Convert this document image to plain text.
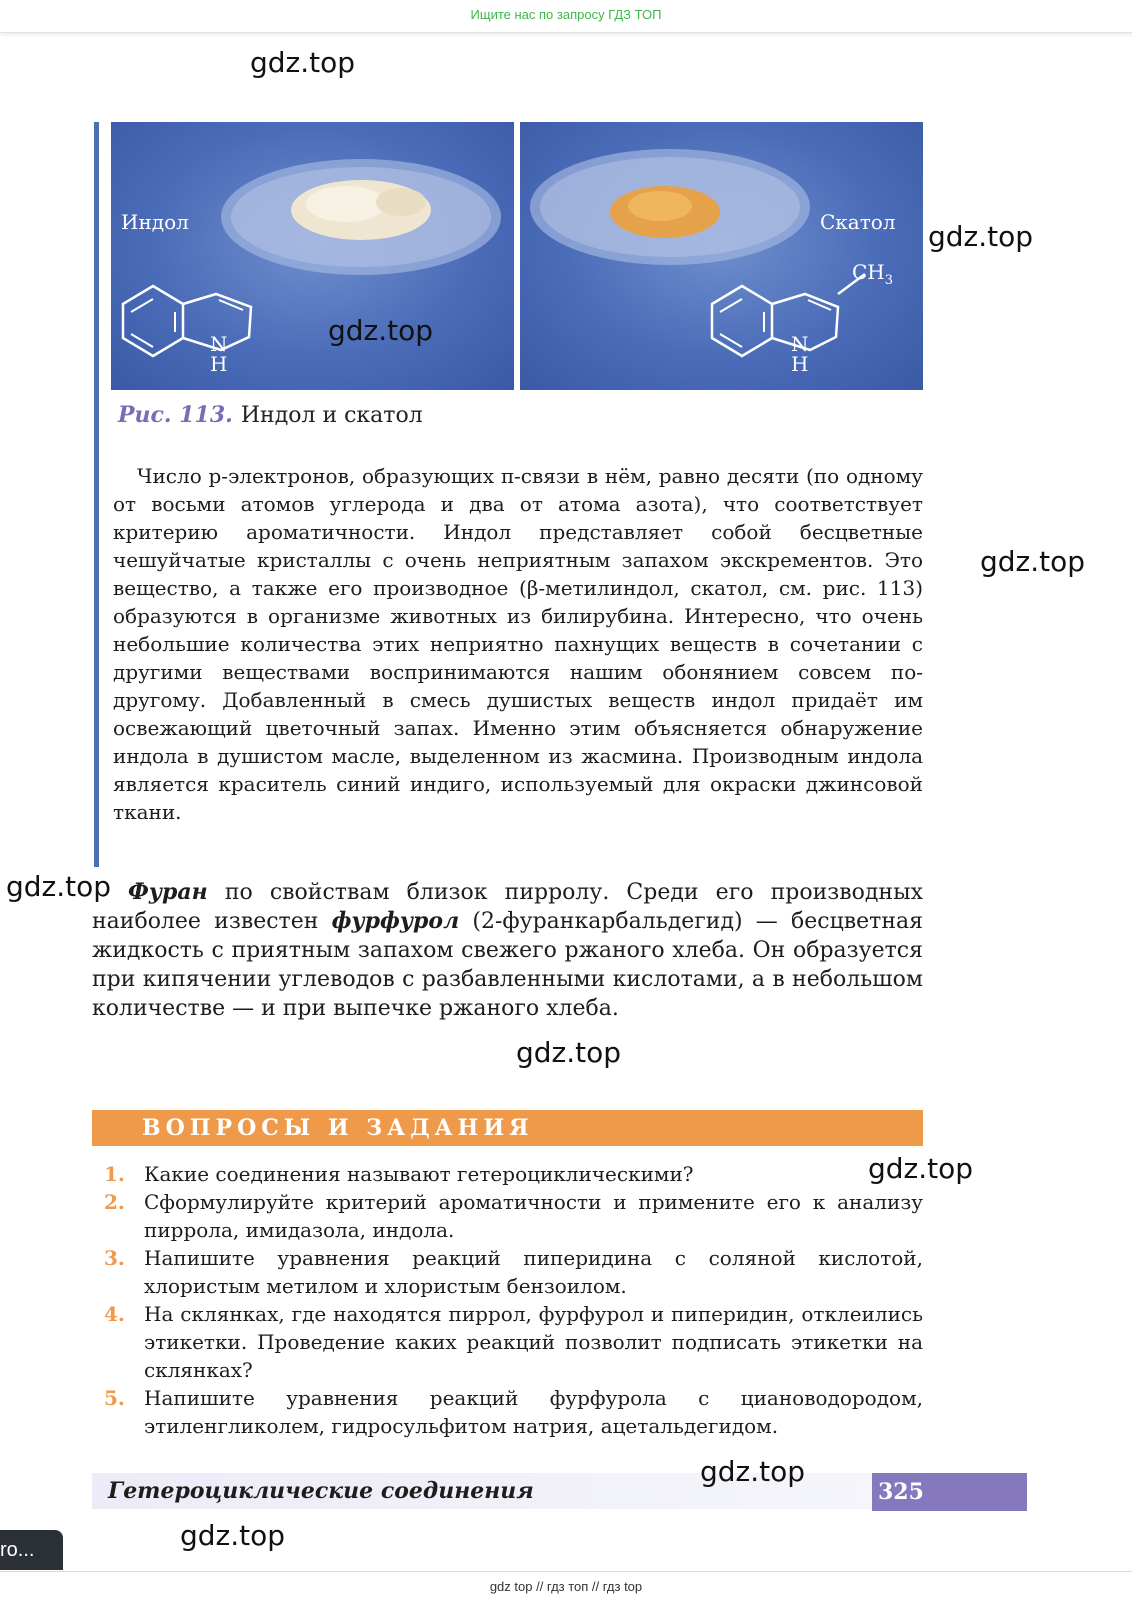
Ищите нас по запросу ГДЗ ТОП
Индол
N
H
Скатол
$CH_3$
N
H
Рис. 113. Индол и скатол
Число p-электронов, образующих π-связи в нём, равно десяти (по одному от восьми атомов углерода и два от атома азота), что соответствует критерию ароматичности. Индол представляет собой бесцветные чешуйчатые кристаллы с очень неприятным запахом экскрементов. Это вещество, а также его производное (β-метилиндол, скатол, см. рис. 113) образуются в организме животных из билирубина. Интересно, что очень небольшие количества этих неприятно пахнущих веществ в сочетании с другими веществами воспринимаются нашим обонянием совсем по-другому. Добавленный в смесь душистых веществ индол придаёт им освежающий цветочный запах. Именно этим объясняется обнаружение индола в душистом масле, выделенном из жасмина. Производным индола является краситель синий индиго, используемый для окраски джинсовой ткани.
Фуран по свойствам близок пирролу. Среди его производных наиболее известен фурфурол (2-фуранкарбальдегид) — бесцветная жидкость с приятным запахом свежего ржаного хлеба. Он образуется при кипячении углеводов с разбавленными кислотами, а в небольшом количестве — и при выпечке ржаного хлеба.
ВОПРОСЫ И ЗАДАНИЯ
1. Какие соединения называют гетероциклическими?
2. Сформулируйте критерий ароматичности и примените его к анализу пиррола, имидазола, индола.
3. Напишите уравнения реакций пиперидина с соляной кислотой, хлористым метилом и хлористым бензоилом.
4. На склянках, где находятся пиррол, фурфурол и пиперидин, отклеились этикетки. Проведение каких реакций позволит подписать этикетки на склянках?
5. Напишите уравнения реакций фурфурола с циановодородом, этиленгликолем, гидросульфитом натрия, ацетальдегидом.
Гетероциклические соединения	325
gdz.top
gdz.top
gdz.top
gdz.top
gdz.top
gdz.top
gdz.top
gdz.top
gdz.top
ro...
gdz top // гдз топ // гдз top
